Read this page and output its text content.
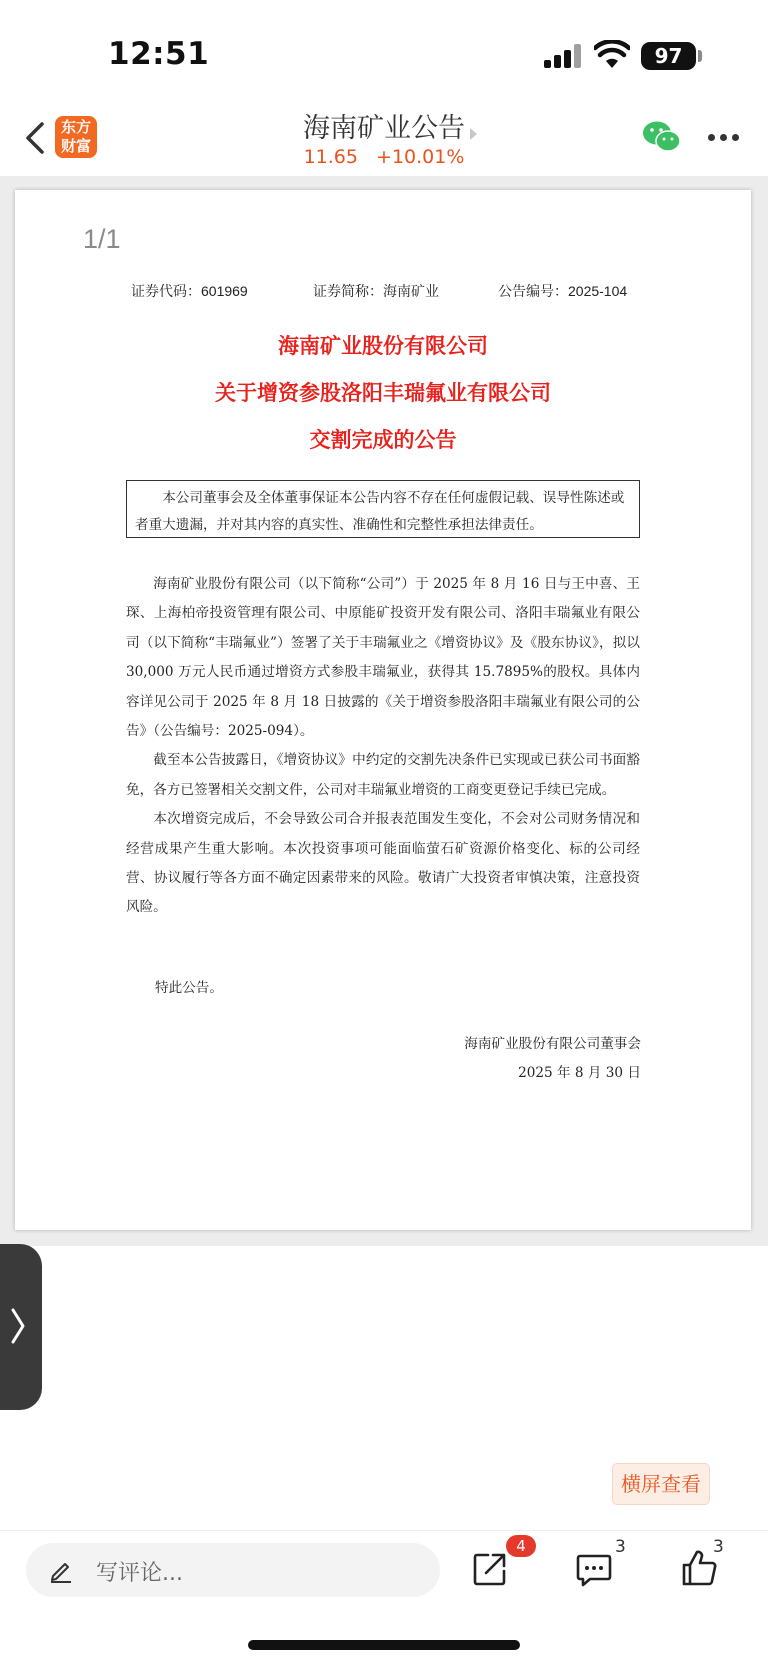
12:51	97
东方
财富
海南矿业公告
11.65 +10.01%
1/1
证券代码：601969	证券简称：海南矿业	公告编号：2025-104
海南矿业股份有限公司
关于增资参股洛阳丰瑞氟业有限公司
交割完成的公告

本公司董事会及全体董事保证本公告内容不存在任何虚假记载、误导性陈述或者重大遗漏，并对其内容的真实性、准确性和完整性承担法律责任。

海南矿业股份有限公司（以下简称“公司”）于 2025 年 8 月 16 日与王中喜、王琛、上海柏帝投资管理有限公司、中原能矿投资开发有限公司、洛阳丰瑞氟业有限公司（以下简称“丰瑞氟业”）签署了关于丰瑞氟业之《增资协议》及《股东协议》，拟以 30,000 万元人民币通过增资方式参股丰瑞氟业，获得其 15.7895%的股权。具体内容详见公司于 2025 年 8 月 18 日披露的《关于增资参股洛阳丰瑞氟业有限公司的公告》（公告编号：2025-094）。

截至本公告披露日，《增资协议》中约定的交割先决条件已实现或已获公司书面豁免，各方已签署相关交割文件，公司对丰瑞氟业增资的工商变更登记手续已完成。

本次增资完成后，不会导致公司合并报表范围发生变化，不会对公司财务情况和经营成果产生重大影响。本次投资事项可能面临萤石矿资源价格变化、标的公司经营、协议履行等各方面不确定因素带来的风险。敬请广大投资者审慎决策，注意投资风险。

特此公告。
海南矿业股份有限公司董事会
2025 年 8 月 30 日
横屏查看
写评论...
4	3	3
